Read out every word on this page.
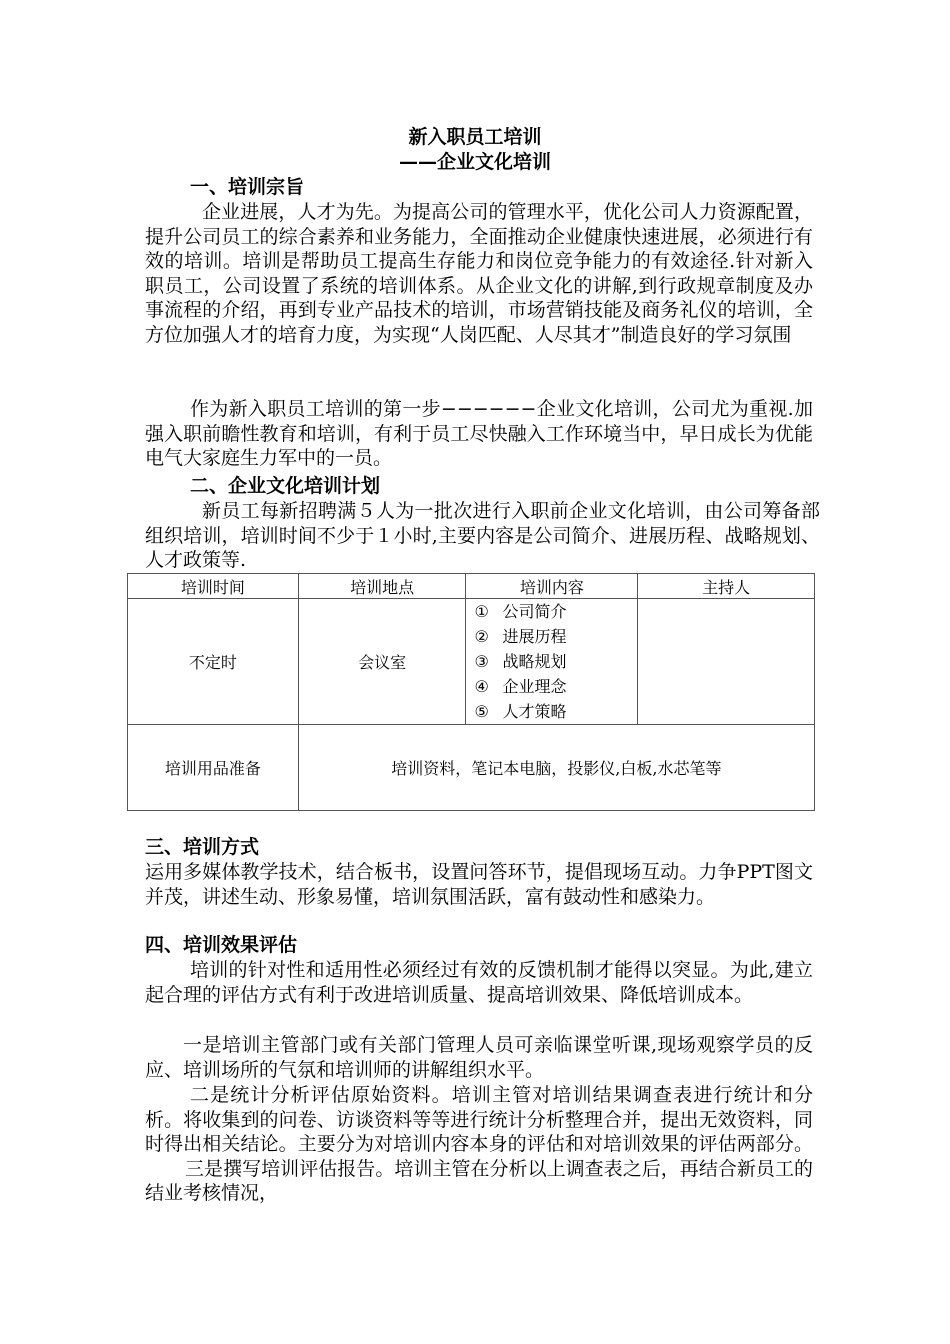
新入职员工培训
——企业文化培训
一、培训宗旨
企业进展，人才为先。为提高公司的管理水平，优化公司人力资源配置，提升公司员工的综合素养和业务能力，全面推动企业健康快速进展，必须进行有效的培训。培训是帮助员工提高生存能力和岗位竞争能力的有效途径.针对新入职员工，公司设置了系统的培训体系。从企业文化的讲解,到行政规章制度及办事流程的介绍，再到专业产品技术的培训，市场营销技能及商务礼仪的培训，全方位加强人才的培育力度，为实现“人岗匹配、人尽其才”制造良好的学习氛围
作为新入职员工培训的第一步−−−−−−企业文化培训，公司尤为重视.加强入职前瞻性教育和培训，有利于员工尽快融入工作环境当中，早日成长为优能电气大家庭生力军中的一员。
二、企业文化培训计划
新员工每新招聘满５人为一批次进行入职前企业文化培训，由公司筹备部组织培训，培训时间不少于１小时,主要内容是公司简介、进展历程、战略规划、人才政策等.
培训时间	培训地点	培训内容	主持人
不定时	会议室	① 公司简介
② 进展历程
③ 战略规划
④ 企业理念
⑤ 人才策略	

培训用品准备	培训资料，笔记本电脑，投影仪,白板,水芯笔等		
三、培训方式
运用多媒体教学技术，结合板书，设置问答环节，提倡现场互动。力争PPT图文并茂，讲述生动、形象易懂，培训氛围活跃，富有鼓动性和感染力。
四、培训效果评估
培训的针对性和适用性必须经过有效的反馈机制才能得以突显。为此,建立起合理的评估方式有利于改进培训质量、提高培训效果、降低培训成本。
一是培训主管部门或有关部门管理人员可亲临课堂听课,现场观察学员的反应、培训场所的气氛和培训师的讲解组织水平。
二是统计分析评估原始资料。培训主管对培训结果调查表进行统计和分析。将收集到的问卷、访谈资料等等进行统计分析整理合并，提出无效资料，同时得出相关结论。主要分为对培训内容本身的评估和对培训效果的评估两部分。三是撰写培训评估报告。培训主管在分析以上调查表之后，再结合新员工的结业考核情况，
